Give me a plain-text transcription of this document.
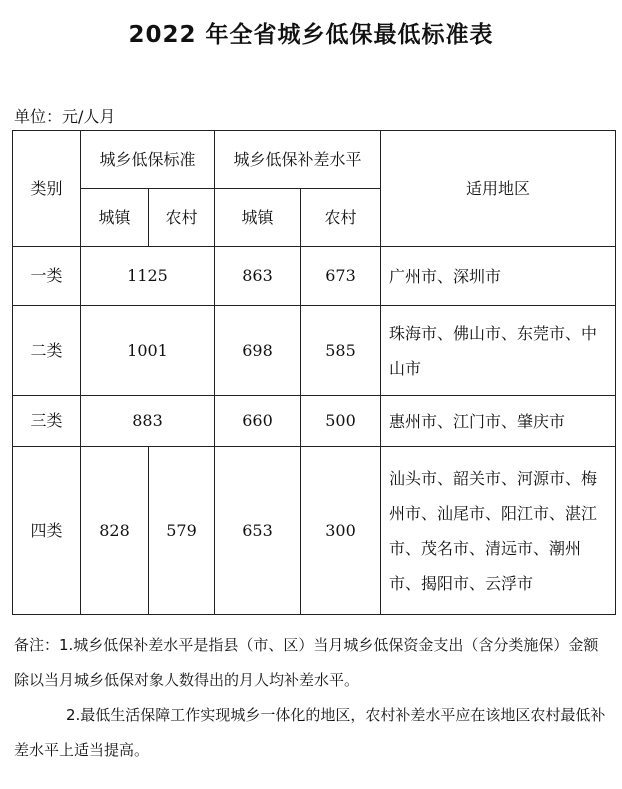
2022 年全省城乡低保最低标准表
单位：元/人月
类别	城乡低保标准		城乡低保补差水平		适用地区
	城镇	农村	城镇	农村	
一类	1125		863	673	广州市、深圳市
二类	1001		698	585	珠海市、佛山市、东莞市、中山市
三类	883		660	500	惠州市、江门市、肇庆市
四类	828	579	653	300	汕头市、韶关市、河源市、梅州市、汕尾市、阳江市、湛江市、茂名市、清远市、潮州市、揭阳市、云浮市

备注：1.城乡低保补差水平是指县（市、区）当月城乡低保资金支出（含分类施保）金额除以当月城乡低保对象人数得出的月人均补差水平。

2.最低生活保障工作实现城乡一体化的地区，农村补差水平应在该地区农村最低补差水平上适当提高。
